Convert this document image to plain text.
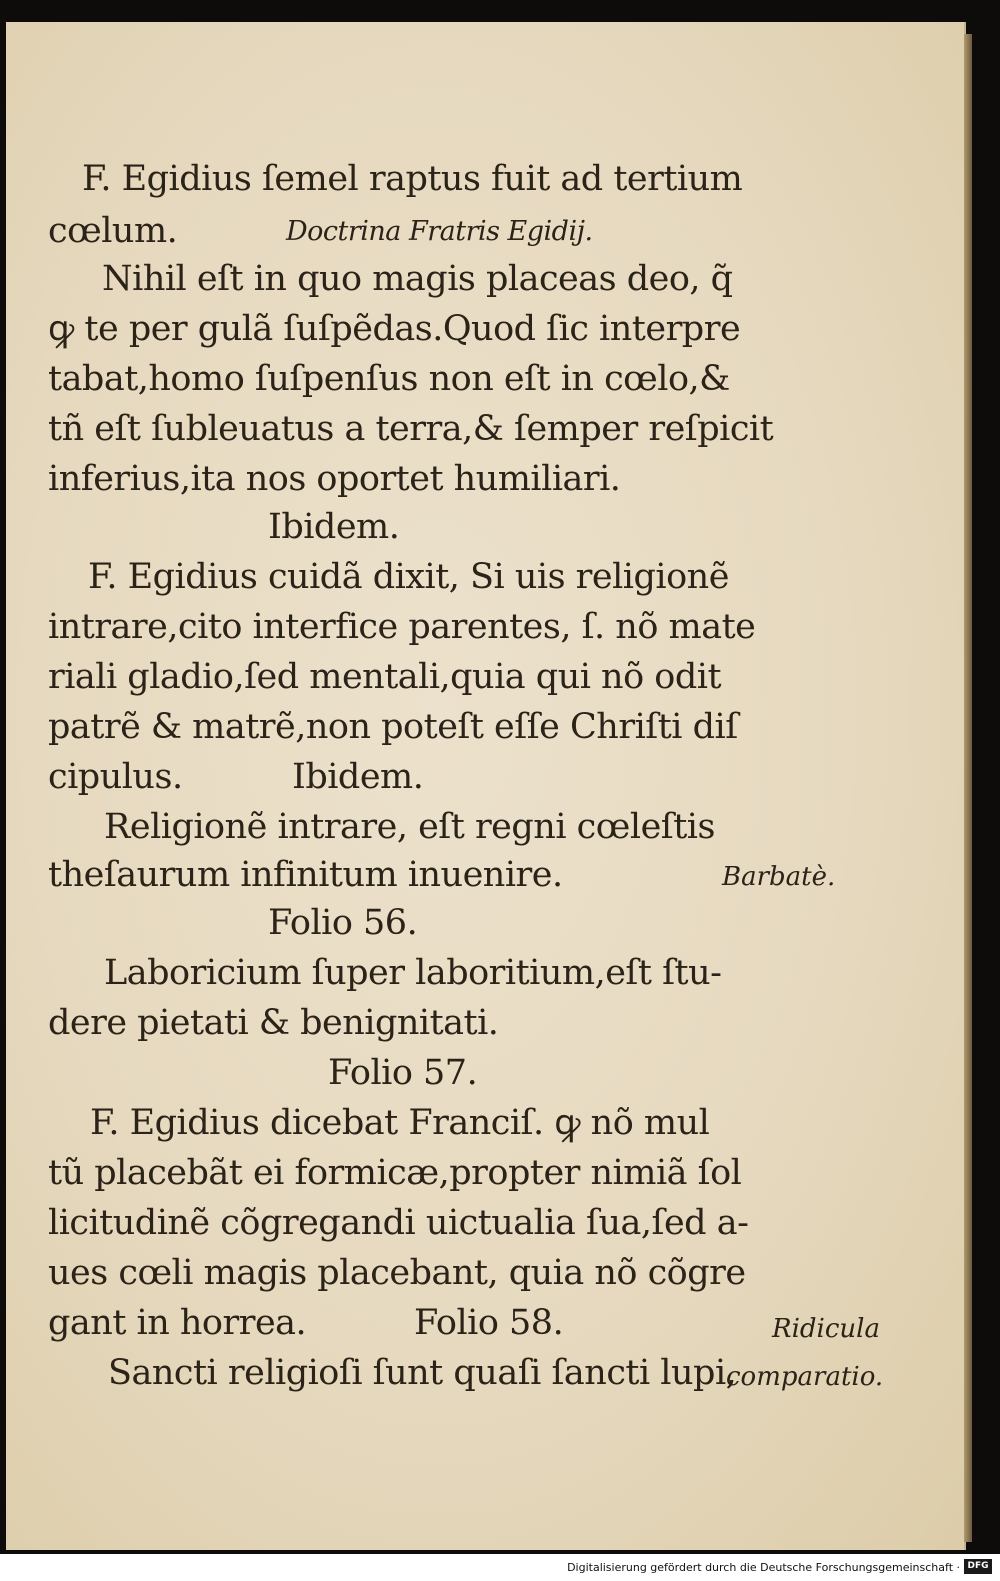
F. Egidius ſemel raptus fuit ad tertium
cœlum.	Doctrina Fratris Egidij.
Nihil eſt in quo magis placeas deo, q̃
ꝙ te per gulã ſuſpẽdas.Quod ſic interpre
tabat,homo ſuſpenſus non eſt in cœlo,&
tñ eſt ſubleuatus a terra,& ſemper reſpicit
inferius,ita nos oportet humiliari.
Ibidem.
F. Egidius cuidã dixit, Si uis religionẽ
intrare,cito interfice parentes, ſ. nõ mate
riali gladio,ſed mentali,quia qui nõ odit
patrẽ & matrẽ,non poteſt eſſe Chriſti diſ
cipulus.	Ibidem.
Religionẽ intrare, eſt regni cœleſtis
theſaurum infinitum inuenire.
Folio 56.
Laboricium ſuper laboritium,eſt ſtu-
dere pietati & benignitati.
Folio 57.
F. Egidius dicebat Franciſ. ꝙ nõ mul
tũ placebãt ei formicæ,propter nimiã ſol
licitudinẽ cõgregandi uictualia ſua,ſed a-
ues cœli magis placebant, quia nõ cõgre
gant in horrea.	Folio 58.
Sancti religioſi ſunt quaſi ſancti lupi,
Barbatè.
Ridicula
comparatio.
Digitalisierung gefördert durch die Deutsche Forschungsgemeinschaft · DFG
